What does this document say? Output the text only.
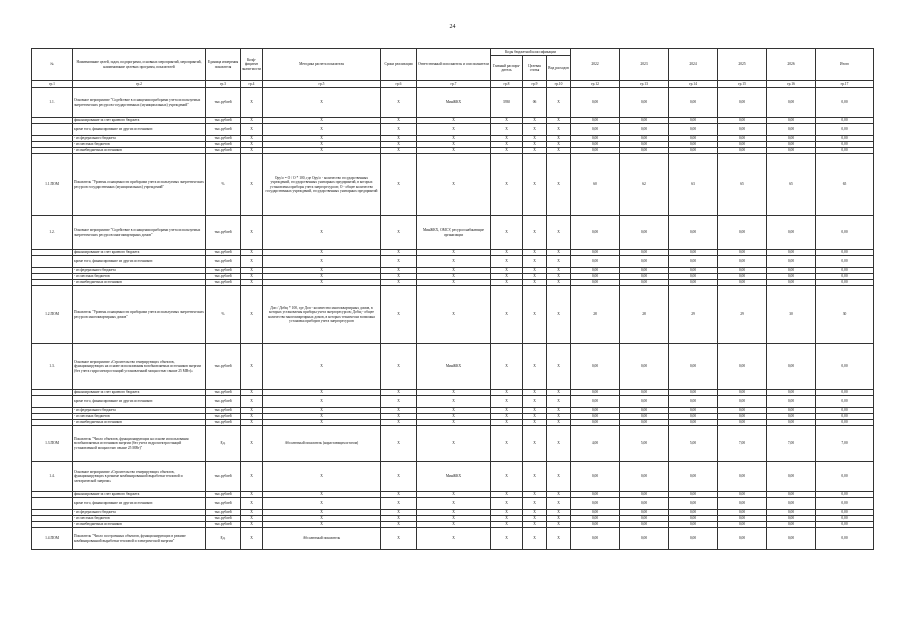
24
№	Наименование целей, задач, подпрограмм, основных мероприятий, мероприятий, наименование целевых программ, показателей	Единица измерения показателя	Коэф-фициент значи-мости	Методика расчета показателя	Сроки реализации	Ответственный исполнитель и соисполнители	Коды бюджетной классификации			2022	2023	2024	2025	2026	Итого
							Главный распоря-дитель	Целевая статья	Вид расходов						
гр.1	гр.2	гр.3	гр.4	гр.5	гр.6	гр.7	гр.8	гр.9	гр.10	гр.12	гр.13	гр.14	гр.15	гр.16	гр.17
1.1.	Основное мероприятие "Содействие в оснащении приборами учета используемых энергетических ресурсов государственных (муниципальных) учреждений"	тыс.рублей	X	X	X	МинЖКХ	3930	06	X	0,00	0,00	0,00	0,00	0,00	0,00
	финансирование за счет краевого бюджета	тыс.рублей	X	X	X	X	X	X	X	0,00	0,00	0,00	0,00	0,00	0,00
	кроме того, финансирование из других источников:	тыс.рублей	X	X	X	X	X	X	X	0,00	0,00	0,00	0,00	0,00	0,00
	- из федерального бюджета	тыс.рублей	X	X	X	X	X	X	X	0,00	0,00	0,00	0,00	0,00	0,00
	- из местных бюджетов	тыс.рублей	X	X	X	X	X	X	X	0,00	0,00	0,00	0,00	0,00	0,00
	- из внебюджетных источников	тыс.рублей	X	X	X	X	X	X	X	0,00	0,00	0,00	0,00	0,00	0,00
1.1.ПОМ	Показатель "Уровень оснащенности приборами учета используемых энергетических ресурсов государственных (муниципальных) учреждений"	%	X	Ору/о = О / О * 100, где Ору/о - количество государственных учреждений, государственных унитарных предприятий, в которых установлены приборы учета энергоресурсов; О - общее количество государственных учреждений, государственных унитарных предприятий	X	X	X	X	X	60	62	63	65	65	65
1.2.	Основное мероприятие "Содействие в оснащении приборами учета используемых энергетических ресурсов многоквартирных домов"	тыс.рублей	X	X	X	МинЖКХ, ОМСУ, ресурсоснабжающие организации	X	X	X	0,00	0,00	0,00	0,00	0,00	0,00
	финансирование за счет краевого бюджета	тыс.рублей	X	X	X	X	X	X	X	0,00	0,00	0,00	0,00	0,00	0,00
	кроме того, финансирование из других источников:	тыс.рублей	X	X	X	X	X	X	X	0,00	0,00	0,00	0,00	0,00	0,00
	- из федерального бюджета	тыс.рублей	X	X	X	X	X	X	X	0,00	0,00	0,00	0,00	0,00	0,00
	- из местных бюджетов	тыс.рублей	X	X	X	X	X	X	X	0,00	0,00	0,00	0,00	0,00	0,00
	- из внебюджетных источников	тыс.рублей	X	X	X	X	X	X	X	0,00	0,00	0,00	0,00	0,00	0,00
1.2.ПОМ	Показатель "Уровень оснащенности приборами учета используемых энергетических ресурсов многоквартирных домов"	%	X	Доп / Добщ * 100, где Доп - количество многоквартирных домов, в которых установлены приборы учета энергоресурсов; Добщ - общее количество многоквартирных домов, в которых технически возможна установка приборов учета энергоресурсов	X	X	X	X	X	28	28	29	29	30	30
1.3.	Основное мероприятие «Строительство генерирующих объектов, функционирующих на основе использования возобновляемых источников энергии (без учета гидроэлектростанций установленной мощностью свыше 25 МВт)»	тыс.рублей	X	X	X	МинЖКХ	X	X	X	0,00	0,00	0,00	0,00	0,00	0,00
	финансирование за счет краевого бюджета	тыс.рублей	X	X	X	X	X	X	X	0,00	0,00	0,00	0,00	0,00	0,00
	кроме того, финансирование из других источников:	тыс.рублей	X	X	X	X	X	X	X	0,00	0,00	0,00	0,00	0,00	0,00
	- из федерального бюджета	тыс.рублей	X	X	X	X	X	X	X	0,00	0,00	0,00	0,00	0,00	0,00
	- из местных бюджетов	тыс.рублей	X	X	X	X	X	X	X	0,00	0,00	0,00	0,00	0,00	0,00
	- из внебюджетных источников	тыс.рублей	X	X	X	X	X	X	X	0,00	0,00	0,00	0,00	0,00	0,00
1.3.ПОМ	Показатель "Число объектов, функционирующих на основе использования возобновляемых источников энергии (без учета гидроэлектростанций установленной мощностью свыше 25 МВт)"	Ед.	X	Абсолютный показатель (нарастающим итогом)	X	X	X	X	X	4,00	5,00	5,00	7,00	7,00	7,00
1.4.	Основное мероприятие «Строительство генерирующих объектов, функционирующих в режиме комбинированной выработки тепловой и электрической энергии»	тыс.рублей	X	X	X	МинЖКХ	X	X	X	0,00	0,00	0,00	0,00	0,00	0,00
	финансирование за счет краевого бюджета	тыс.рублей	X	X	X	X	X	X	X	0,00	0,00	0,00	0,00	0,00	0,00
	кроме того, финансирование из других источников:	тыс.рублей	X	X	X	X	X	X	X	0,00	0,00	0,00	0,00	0,00	0,00
	- из федерального бюджета	тыс.рублей	X	X	X	X	X	X	X	0,00	0,00	0,00	0,00	0,00	0,00
	- из местных бюджетов	тыс.рублей	X	X	X	X	X	X	X	0,00	0,00	0,00	0,00	0,00	0,00
	- из внебюджетных источников	тыс.рублей	X	X	X	X	X	X	X	0,00	0,00	0,00	0,00	0,00	0,00
1.4.ПОМ	Показатель "Число построенных объектов, функционирующих в режиме комбинированной выработки тепловой и электрической энергии"	Ед.	X	Абсолютный показатель	X	X	X	X	X	0,00	0,00	0,00	0,00	0,00	0,00
